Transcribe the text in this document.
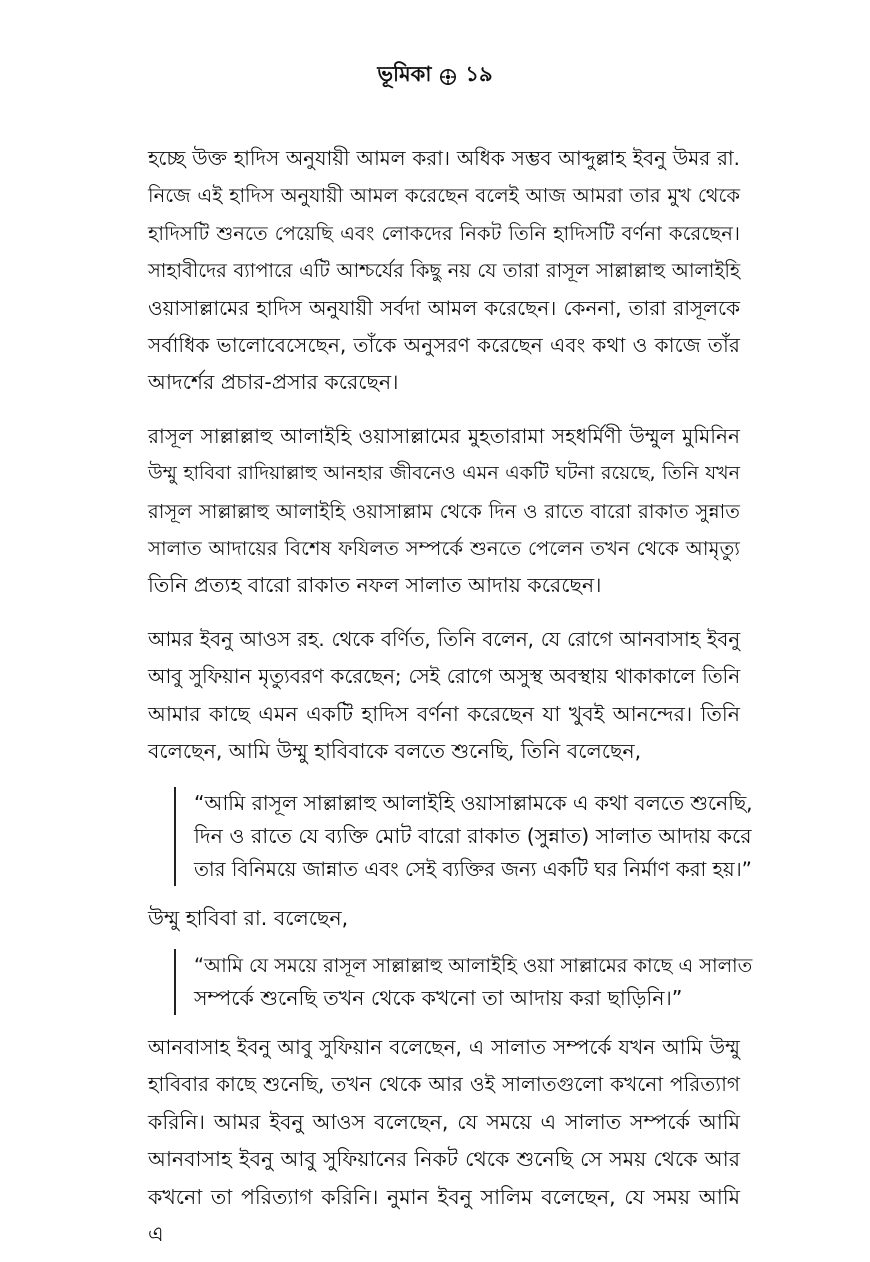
ভূমিকা ১৯
হচ্ছে উক্ত হাদিস অনুযায়ী আমল করা। অধিক সম্ভব আব্দুল্লাহ ইবনু উমর রা.
নিজে এই হাদিস অনুযায়ী আমল করেছেন বলেই আজ আমরা তার মুখ থেকে
হাদিসটি শুনতে পেয়েছি এবং লোকদের নিকট তিনি হাদিসটি বর্ণনা করেছেন।
সাহাবীদের ব্যাপারে এটি আশ্চর্যের কিছু নয় যে তারা রাসূল সাল্লাল্লাহু আলাইহি
ওয়াসাল্লামের হাদিস অনুযায়ী সর্বদা আমল করেছেন। কেননা, তারা রাসূলকে
সর্বাধিক ভালোবেসেছেন, তাঁকে অনুসরণ করেছেন এবং কথা ও কাজে তাঁর
আদর্শের প্রচার-প্রসার করেছেন।
রাসূল সাল্লাল্লাহু আলাইহি ওয়াসাল্লামের মুহতারামা সহধর্মিণী উম্মুল মুমিনিন
উম্মু হাবিবা রাদিয়াল্লাহু আনহার জীবনেও এমন একটি ঘটনা রয়েছে, তিনি যখন
রাসূল সাল্লাল্লাহু আলাইহি ওয়াসাল্লাম থেকে দিন ও রাতে বারো রাকাত সুন্নাত
সালাত আদায়ের বিশেষ ফযিলত সম্পর্কে শুনতে পেলেন তখন থেকে আমৃত্যু
তিনি প্রত্যহ বারো রাকাত নফল সালাত আদায় করেছেন।
আমর ইবনু আওস রহ. থেকে বর্ণিত, তিনি বলেন, যে রোগে আনবাসাহ ইবনু
আবু সুফিয়ান মৃত্যুবরণ করেছেন; সেই রোগে অসুস্থ অবস্থায় থাকাকালে তিনি
আমার কাছে এমন একটি হাদিস বর্ণনা করেছেন যা খুবই আনন্দের। তিনি
বলেছেন, আমি উম্মু হাবিবাকে বলতে শুনেছি, তিনি বলেছেন,
“আমি রাসূল সাল্লাল্লাহু আলাইহি ওয়াসাল্লামকে এ কথা বলতে শুনেছি,
দিন ও রাতে যে ব্যক্তি মোট বারো রাকাত (সুন্নাত) সালাত আদায় করে
তার বিনিময়ে জান্নাত এবং সেই ব্যক্তির জন্য একটি ঘর নির্মাণ করা হয়।”
উম্মু হাবিবা রা. বলেছেন,
“আমি যে সময়ে রাসূল সাল্লাল্লাহু আলাইহি ওয়া সাল্লামের কাছে এ সালাত
সম্পর্কে শুনেছি তখন থেকে কখনো তা আদায় করা ছাড়িনি।”
আনবাসাহ ইবনু আবু সুফিয়ান বলেছেন, এ সালাত সম্পর্কে যখন আমি উম্মু
হাবিবার কাছে শুনেছি, তখন থেকে আর ওই সালাতগুলো কখনো পরিত্যাগ
করিনি। আমর ইবনু আওস বলেছেন, যে সময়ে এ সালাত সম্পর্কে আমি
আনবাসাহ ইবনু আবু সুফিয়ানের নিকট থেকে শুনেছি সে সময় থেকে আর
কখনো তা পরিত্যাগ করিনি। নুমান ইবনু সালিম বলেছেন, যে সময় আমি এ
